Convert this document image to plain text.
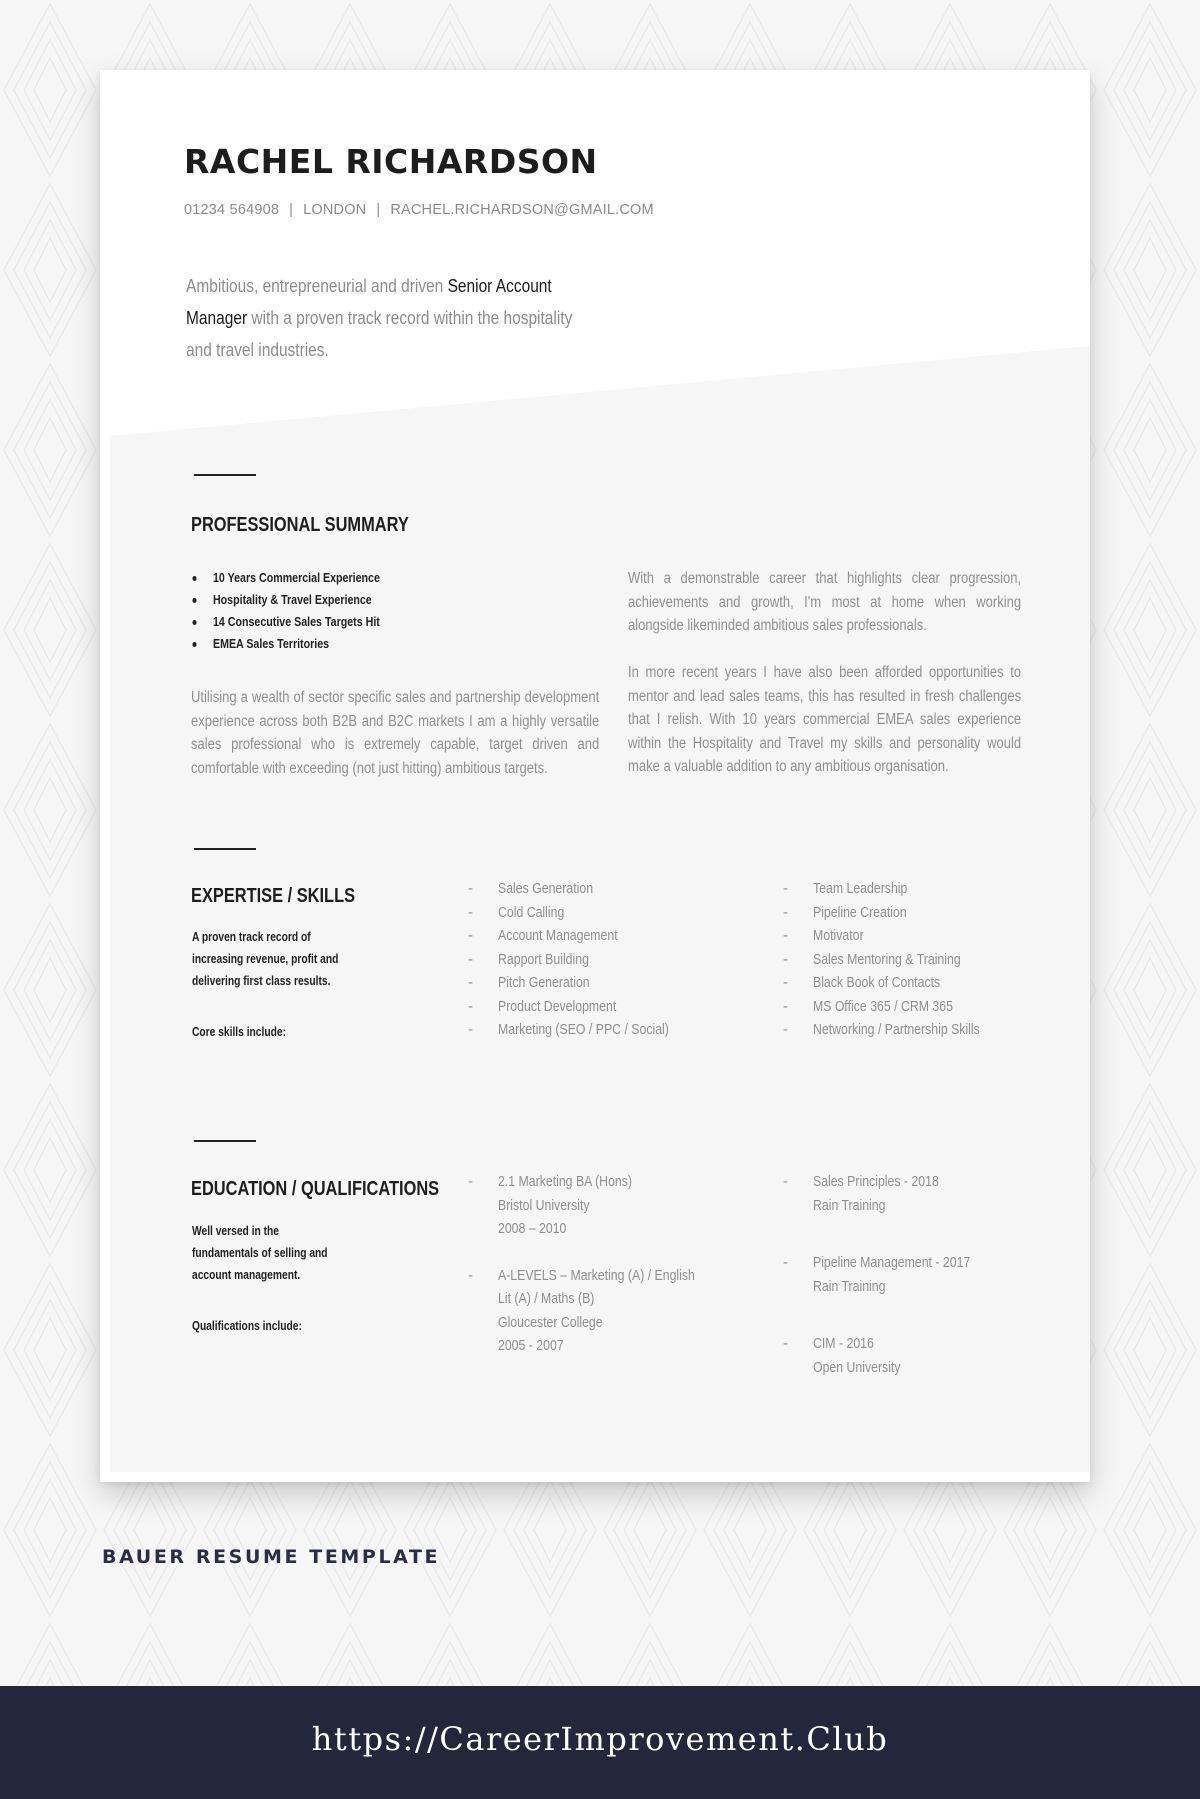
RACHEL RICHARDSON
01234 564908 | LONDON | RACHEL.RICHARDSON@GMAIL.COM

Ambitious, entrepreneurial and driven Senior Account Manager with a proven track record within the hospitality and travel industries.

PROFESSIONAL SUMMARY
10 Years Commercial Experience
Hospitality & Travel Experience
14 Consecutive Sales Targets Hit
EMEA Sales Territories
Utilising a wealth of sector specific sales and partnership development experience across both B2B and B2C markets I am a highly versatile sales professional who is extremely capable, target driven and comfortable with exceeding (not just hitting) ambitious targets.
With a demonstrable career that highlights clear progression, achievements and growth, I'm most at home when working alongside likeminded ambitious sales professionals.
In more recent years I have also been afforded opportunities to mentor and lead sales teams, this has resulted in fresh challenges that I relish. With 10 years commercial EMEA sales experience within the Hospitality and Travel my skills and personality would make a valuable addition to any ambitious organisation.
EXPERTISE / SKILLS
A proven track record of
increasing revenue, profit and
delivering first class results.
Core skills include:
- Sales Generation
- Cold Calling
- Account Management
- Rapport Building
- Pitch Generation
- Product Development
- Marketing (SEO / PPC / Social)
- Team Leadership
- Pipeline Creation
- Motivator
- Sales Mentoring & Training
- Black Book of Contacts
- MS Office 365 / CRM 365
- Networking / Partnership Skills
EDUCATION / QUALIFICATIONS
Well versed in the
fundamentals of selling and
account management.
Qualifications include:
- 2.1 Marketing BA (Hons)
Bristol University
2008 – 2010
- A-LEVELS – Marketing (A) / English
Lit (A) / Maths (B)
Gloucester College
2005 - 2007
- Sales Principles - 2018
Rain Training
- Pipeline Management - 2017
Rain Training
- CIM - 2016
Open University
BAUER RESUME TEMPLATE
https://CareerImprovement.Club
